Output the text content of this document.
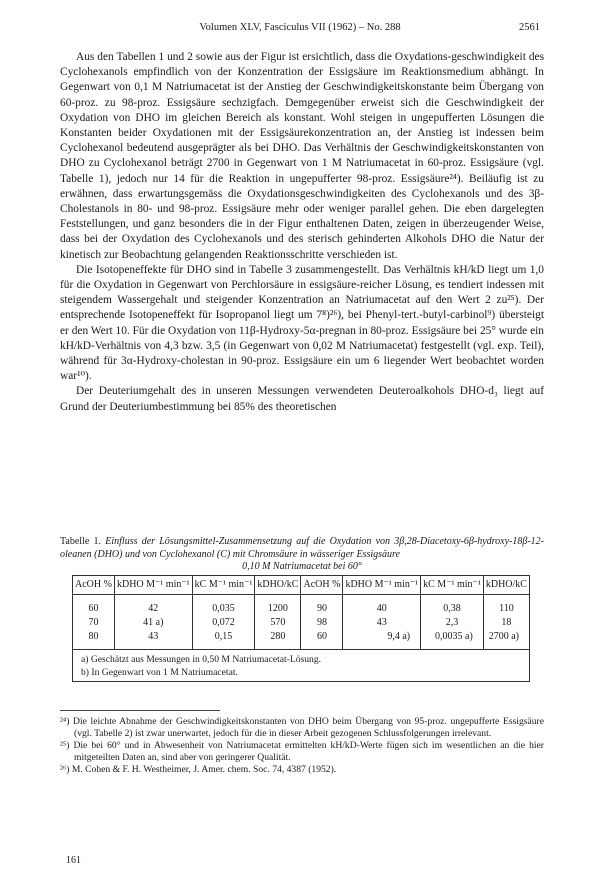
Volumen XLV, Fasciculus VII (1962) – No. 288	2561

Aus den Tabellen 1 und 2 sowie aus der Figur ist ersichtlich, dass die Oxydations-geschwindigkeit des Cyclohexanols empfindlich von der Konzentration der Essigsäure im Reaktionsmedium abhängt. In Gegenwart von 0,1 M Natriumacetat ist der Anstieg der Geschwindigkeitskonstante beim Übergang von 60-proz. zu 98-proz. Essigsäure sechzigfach. Demgegenüber erweist sich die Geschwindigkeit der Oxydation von DHO im gleichen Bereich als konstant. Wohl steigen in ungepufferten Lösungen die Konstanten beider Oxydationen mit der Essigsäurekonzentration an, der Anstieg ist indessen beim Cyclohexanol bedeutend ausgeprägter als bei DHO. Das Verhältnis der Geschwindigkeitskonstanten von DHO zu Cyclohexanol beträgt 2700 in Gegenwart von 1 M Natriumacetat in 60-proz. Essigsäure (vgl. Tabelle 1), jedoch nur 14 für die Reaktion in ungepufferter 98-proz. Essigsäure²⁴). Beiläufig ist zu erwähnen, dass erwartungsgemäss die Oxydationsgeschwindigkeiten des Cyclohexanols und des 3β-Cholestanols in 80- und 98-proz. Essigsäure mehr oder weniger parallel gehen. Die eben dargelegten Feststellungen, und ganz besonders die in der Figur enthaltenen Daten, zeigen in überzeugender Weise, dass bei der Oxydation des Cyclohexanols und des sterisch gehinderten Alkohols DHO die Natur der kinetisch zur Beobachtung gelangenden Reaktionsschritte verschieden ist.

Die Isotopeneffekte für DHO sind in Tabelle 3 zusammengestellt. Das Verhältnis kH/kD liegt um 1,0 für die Oxydation in Gegenwart von Perchlorsäure in essigsäure-reicher Lösung, es tendiert indessen mit steigendem Wassergehalt und steigender Konzentration an Natriumacetat auf den Wert 2 zu²⁵). Der entsprechende Isotopeneffekt für Isopropanol liegt um 7⁸)²⁶), bei Phenyl-tert.-butyl-carbinol⁹) übersteigt er den Wert 10. Für die Oxydation von 11β-Hydroxy-5α-pregnan in 80-proz. Essigsäure bei 25° wurde ein kH/kD-Verhältnis von 4,3 bzw. 3,5 (in Gegenwart von 0,02 M Natriumacetat) festgestellt (vgl. exp. Teil), während für 3α-Hydroxy-cholestan in 90-proz. Essigsäure ein um 6 liegender Wert beobachtet worden war¹⁰).

Der Deuteriumgehalt des in unseren Messungen verwendeten Deuteroalkohols DHO-d₃ liegt auf Grund der Deuteriumbestimmung bei 85% des theoretischen

Tabelle 1. Einfluss der Lösungsmittel-Zusammensetzung auf die Oxydation von 3β,28-Diacetoxy-6β-hydroxy-18β-12-oleanen (DHO) und von Cyclohexanol (C) mit Chromsäure in wässeriger Essigsäure
0,10 M Natriumacetat bei 60°
AcOH %	kDHO M⁻¹ min⁻¹	kC M⁻¹ min⁻¹	kDHO/kC	AcOH %	kDHO M⁻¹ min⁻¹	kC M⁻¹ min⁻¹	kDHO/kC
60	42	0,035	1200	90	40	0,38	110
70	41 a)	0,072	570	98	43	2,3	18
80	43	0,15	280	60	9,4 a)	0,0035 a)	2700 a)

a) Geschätzt aus Messungen in 0,50 M Natriumacetat-Lösung.
b) In Gegenwart von 1 M Natriumacetat.							

²⁴) Die leichte Abnahme der Geschwindigkeitskonstanten von DHO beim Übergang von 95-proz. ungepufferte Essigsäure (vgl. Tabelle 2) ist zwar unerwartet, jedoch für die in dieser Arbeit gezogenen Schlussfolgerungen irrelevant.

²⁵) Die bei 60° und in Abwesenheit von Natriumacetat ermittelten kH/kD-Werte fügen sich im wesentlichen an die hier mitgeteilten Daten an, sind aber von geringerer Qualität.

²⁶) M. Cohen & F. H. Westheimer, J. Amer. chem. Soc. 74, 4387 (1952).

161
